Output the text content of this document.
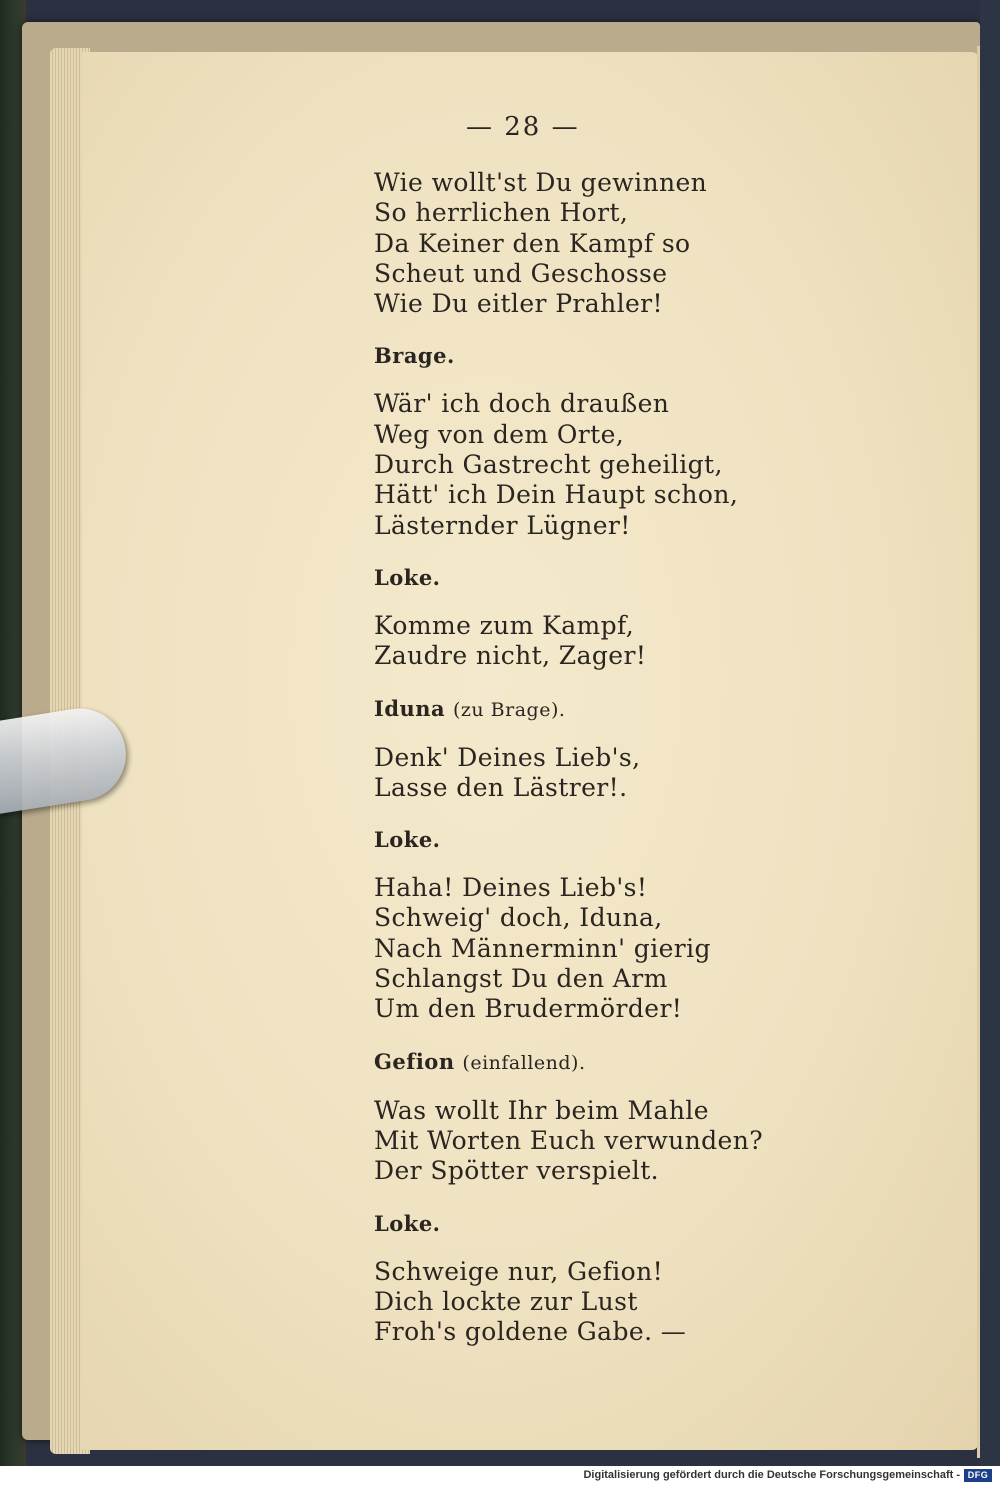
— 28 —
Wie wollt'st Du gewinnen
So herrlichen Hort,
Da Keiner den Kampf so
Scheut und Geschosse
Wie Du eitler Prahler!
Brage.
Wär' ich doch draußen
Weg von dem Orte,
Durch Gastrecht geheiligt,
Hätt' ich Dein Haupt schon,
Lästernder Lügner!
Loke.
Komme zum Kampf,
Zaudre nicht, Zager!
Iduna (zu Brage).
Denk' Deines Lieb's,
Lasse den Lästrer!.
Loke.
Haha! Deines Lieb's!
Schweig' doch, Iduna,
Nach Männerminn' gierig
Schlangst Du den Arm
Um den Brudermörder!
Gefion (einfallend).
Was wollt Ihr beim Mahle
Mit Worten Euch verwunden?
Der Spötter verspielt.
Loke.
Schweige nur, Gefion!
Dich lockte zur Lust
Froh's goldene Gabe. —
Digitalisierung gefördert durch die Deutsche Forschungsgemeinschaft - DFG
